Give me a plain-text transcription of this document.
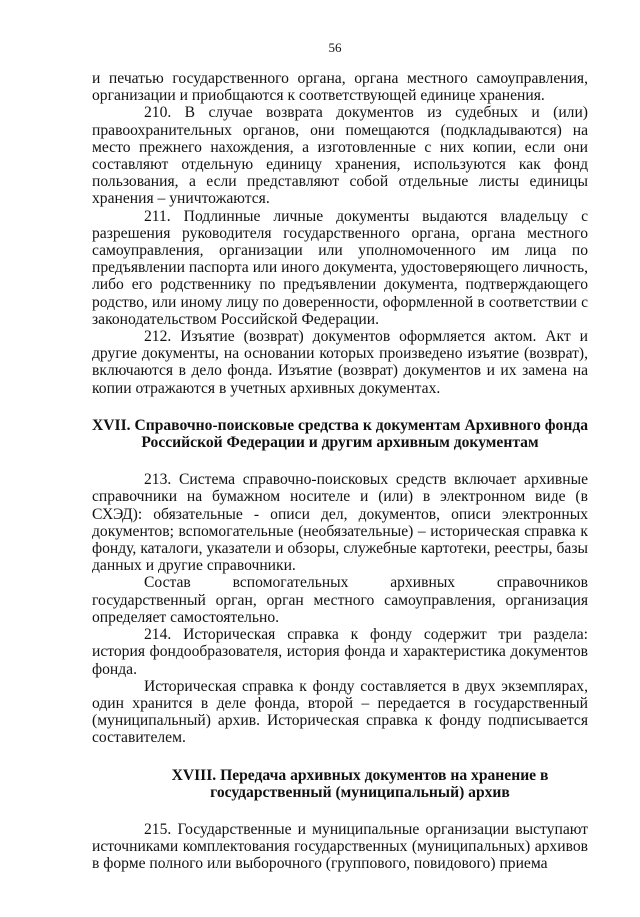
56

и печатью государственного органа, органа местного самоуправления, организации и приобщаются к соответствующей единице хранения.

210. В случае возврата документов из судебных и (или) правоохранительных органов, они помещаются (подкладываются) на место прежнего нахождения, а изготовленные с них копии, если они составляют отдельную единицу хранения, используются как фонд пользования, а если представляют собой отдельные листы единицы хранения – уничтожаются.

211. Подлинные личные документы выдаются владельцу с разрешения руководителя государственного органа, органа местного самоуправления, организации или уполномоченного им лица по предъявлении паспорта или иного документа, удостоверяющего личность, либо его родственнику по предъявлении документа, подтверждающего родство, или иному лицу по доверенности, оформленной в соответствии с законодательством Российской Федерации.

212. Изъятие (возврат) документов оформляется актом. Акт и другие документы, на основании которых произведено изъятие (возврат), включаются в дело фонда. Изъятие (возврат) документов и их замена на копии отражаются в учетных архивных документах.

XVII. Справочно-поисковые средства к документам Архивного фонда
Российской Федерации и другим архивным документам

213. Система справочно-поисковых средств включает архивные справочники на бумажном носителе и (или) в электронном виде (в СХЭД): обязательные - описи дел, документов, описи электронных документов; вспомогательные (необязательные) – историческая справка к фонду, каталоги, указатели и обзоры, служебные картотеки, реестры, базы данных и другие справочники.

Состав вспомогательных архивных справочников государственный орган, орган местного самоуправления, организация определяет самостоятельно.

214. Историческая справка к фонду содержит три раздела: история фондообразователя, история фонда и характеристика документов фонда.

Историческая справка к фонду составляется в двух экземплярах, один хранится в деле фонда, второй – передается в государственный (муниципальный) архив. Историческая справка к фонду подписывается составителем.

XVIII. Передача архивных документов на хранение в
государственный (муниципальный) архив

215. Государственные и муниципальные организации выступают источниками комплектования государственных (муниципальных) архивов в форме полного или выборочного (группового, повидового) приема
